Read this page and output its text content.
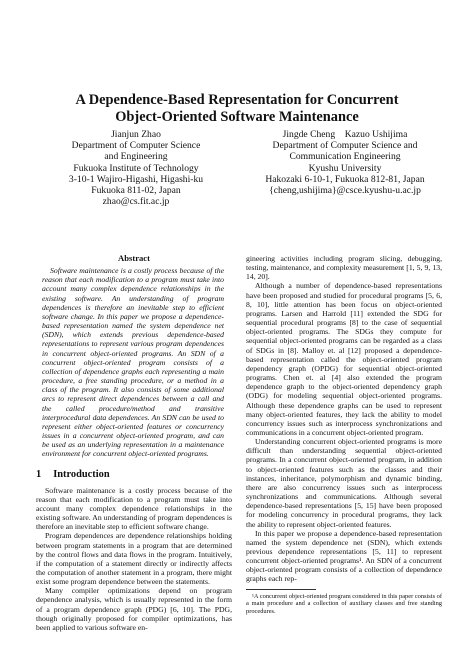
A Dependence-Based Representation for Concurrent
Object-Oriented Software Maintenance
Jianjun Zhao
Department of Computer Science
and Engineering
Fukuoka Institute of Technology
3-10-1 Wajiro-Higashi, Higashi-ku
Fukuoka 811-02, Japan
zhao@cs.fit.ac.jp
Jingde Cheng    Kazuo Ushijima
Department of Computer Science and
Communication Engineering
Kyushu University
Hakozaki 6-10-1, Fukuoka 812-81, Japan
{cheng,ushijima}@csce.kyushu-u.ac.jp
Abstract

Software maintenance is a costly process because of the reason that each modification to a program must take into account many complex dependence relationships in the existing software. An understanding of program dependences is therefore an inevitable step to efficient software change. In this paper we propose a dependence-based representation named the system dependence net (SDN), which extends previous dependence-based representations to represent various program dependences in concurrent object-oriented programs. An SDN of a concurrent object-oriented program consists of a collection of dependence graphs each representing a main procedure, a free standing procedure, or a method in a class of the program. It also consists of some additional arcs to represent direct dependences between a call and the called procedure/method and transitive interprocedural data dependences. An SDN can be used to represent either object-oriented features or concurrency issues in a concurrent object-oriented program, and can be used as an underlying representation in a maintenance environment for concurrent object-oriented programs.

1 Introduction

Software maintenance is a costly process because of the reason that each modification to a program must take into account many complex dependence relationships in the existing software. An understanding of program dependences is therefore an inevitable step to efficient software change.

Program dependences are dependence relationships holding between program statements in a program that are determined by the control flows and data flows in the program. Intuitively, if the computation of a statement directly or indirectly affects the computation of another statement in a program, there might exist some program dependence between the statements.

Many compiler optimizations depend on program dependence analysis, which is usually represented in the form of a program dependence graph (PDG) [6, 10]. The PDG, though originally proposed for compiler optimizations, has been applied to various software en-

gineering activities including program slicing, debugging, testing, maintenance, and complexity measurement [1, 5, 9, 13, 14, 20].

Although a number of dependence-based representations have been proposed and studied for procedural programs [5, 6, 8, 10], little attention has been focus on object-oriented programs. Larsen and Harrold [11] extended the SDG for sequential procedural programs [8] to the case of sequential object-oriented programs. The SDGs they compute for sequential object-oriented programs can be regarded as a class of SDGs in [8]. Malloy et. al [12] proposed a dependence-based representation called the object-oriented program dependency graph (OPDG) for sequential object-oriented programs. Chen et. al [4] also extended the program dependence graph to the object-oriented dependency graph (ODG) for modeling sequential object-oriented programs. Although these dependence graphs can be used to represent many object-oriented features, they lack the ability to model concurrency issues such as interprocess synchronizations and communications in a concurrent object-oriented program.

Understanding concurrent object-oriented programs is more difficult than understanding sequential object-oriented programs. In a concurrent object-oriented program, in addition to object-oriented features such as the classes and their instances, inheritance, polymorphism and dynamic binding, there are also concurrency issues such as interprocess synchronizations and communications. Although several dependence-based representations [5, 15] have been proposed for modeling concurrency in procedural programs, they lack the ability to represent object-oriented features.

In this paper we propose a dependence-based representation named the system dependence net (SDN), which extends previous dependence representations [5, 11] to represent concurrent object-oriented programs¹. An SDN of a concurrent object-oriented program consists of a collection of dependence graphs each rep-

¹A concurrent object-oriented program considered in this paper consists of a main procedure and a collection of auxiliary classes and free standing procedures.
